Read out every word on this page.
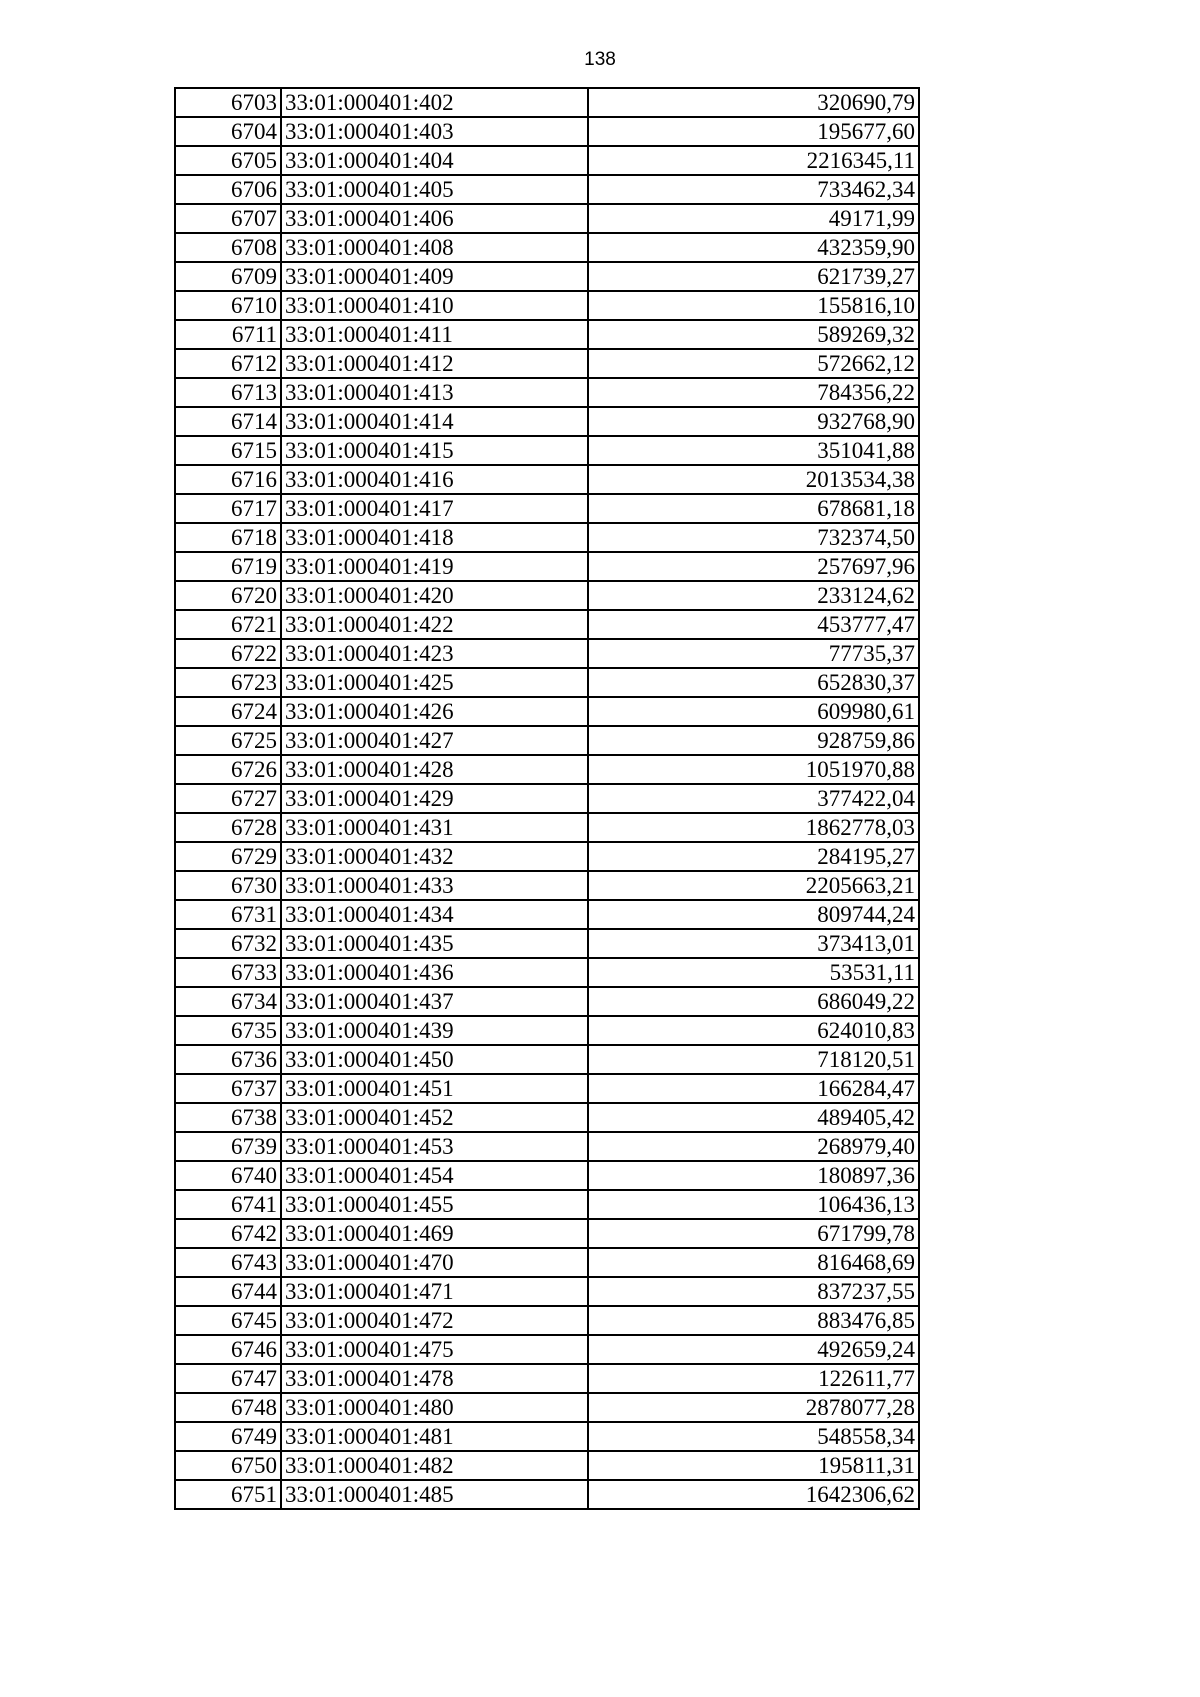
138
6703	33:01:000401:402	320690,79
6704	33:01:000401:403	195677,60
6705	33:01:000401:404	2216345,11
6706	33:01:000401:405	733462,34
6707	33:01:000401:406	49171,99
6708	33:01:000401:408	432359,90
6709	33:01:000401:409	621739,27
6710	33:01:000401:410	155816,10
6711	33:01:000401:411	589269,32
6712	33:01:000401:412	572662,12
6713	33:01:000401:413	784356,22
6714	33:01:000401:414	932768,90
6715	33:01:000401:415	351041,88
6716	33:01:000401:416	2013534,38
6717	33:01:000401:417	678681,18
6718	33:01:000401:418	732374,50
6719	33:01:000401:419	257697,96
6720	33:01:000401:420	233124,62
6721	33:01:000401:422	453777,47
6722	33:01:000401:423	77735,37
6723	33:01:000401:425	652830,37
6724	33:01:000401:426	609980,61
6725	33:01:000401:427	928759,86
6726	33:01:000401:428	1051970,88
6727	33:01:000401:429	377422,04
6728	33:01:000401:431	1862778,03
6729	33:01:000401:432	284195,27
6730	33:01:000401:433	2205663,21
6731	33:01:000401:434	809744,24
6732	33:01:000401:435	373413,01
6733	33:01:000401:436	53531,11
6734	33:01:000401:437	686049,22
6735	33:01:000401:439	624010,83
6736	33:01:000401:450	718120,51
6737	33:01:000401:451	166284,47
6738	33:01:000401:452	489405,42
6739	33:01:000401:453	268979,40
6740	33:01:000401:454	180897,36
6741	33:01:000401:455	106436,13
6742	33:01:000401:469	671799,78
6743	33:01:000401:470	816468,69
6744	33:01:000401:471	837237,55
6745	33:01:000401:472	883476,85
6746	33:01:000401:475	492659,24
6747	33:01:000401:478	122611,77
6748	33:01:000401:480	2878077,28
6749	33:01:000401:481	548558,34
6750	33:01:000401:482	195811,31
6751	33:01:000401:485	1642306,62
